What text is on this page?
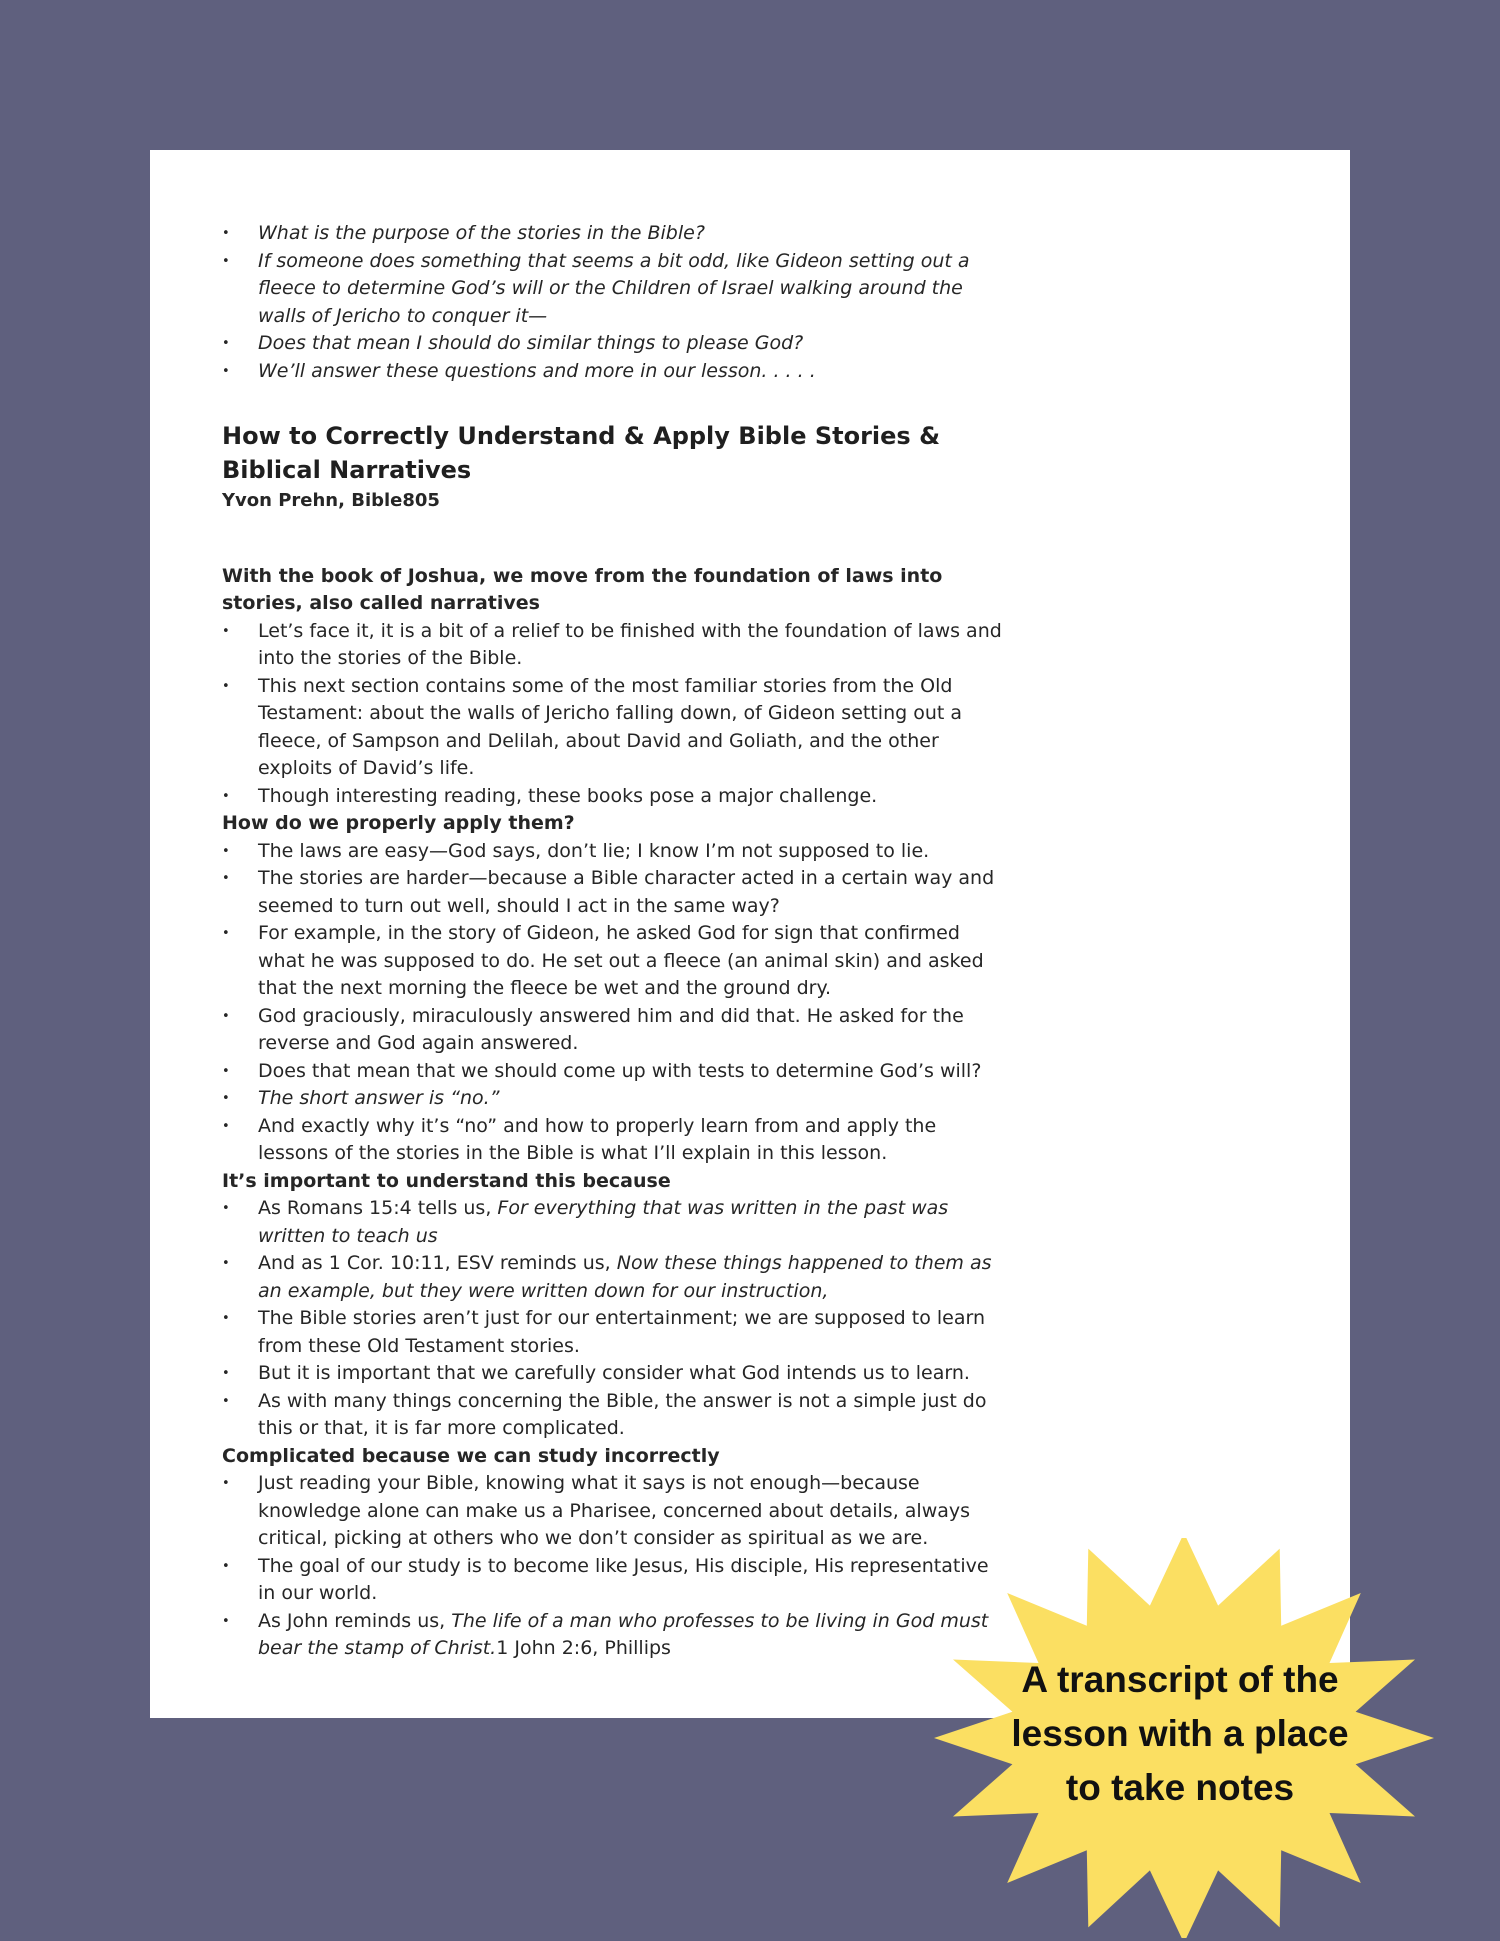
• What is the purpose of the stories in the Bible?
• If someone does something that seems a bit odd, like Gideon setting out a fleece to determine God’s will or the Children of Israel walking around the walls of Jericho to conquer it—
• Does that mean I should do similar things to please God?
• We’ll answer these questions and more in our lesson. . . . .
How to Correctly Understand & Apply Bible Stories & Biblical Narratives
Yvon Prehn, Bible805
With the book of Joshua, we move from the foundation of laws into stories, also called narratives
• Let’s face it, it is a bit of a relief to be finished with the foundation of laws and into the stories of the Bible.
• This next section contains some of the most familiar stories from the Old Testament: about the walls of Jericho falling down, of Gideon setting out a fleece, of Sampson and Delilah, about David and Goliath, and the other exploits of David’s life.
• Though interesting reading, these books pose a major challenge.
How do we properly apply them?
• The laws are easy—God says, don’t lie; I know I’m not supposed to lie.
• The stories are harder—because a Bible character acted in a certain way and seemed to turn out well, should I act in the same way?
• For example, in the story of Gideon, he asked God for sign that confirmed what he was supposed to do. He set out a fleece (an animal skin) and asked that the next morning the fleece be wet and the ground dry.
• God graciously, miraculously answered him and did that. He asked for the reverse and God again answered.
• Does that mean that we should come up with tests to determine God’s will?
• The short answer is “no.”
• And exactly why it’s “no” and how to properly learn from and apply the lessons of the stories in the Bible is what I’ll explain in this lesson.
It’s important to understand this because
• As Romans 15:4 tells us, For everything that was written in the past was written to teach us
• And as 1 Cor. 10:11, ESV reminds us, Now these things happened to them as an example, but they were written down for our instruction,
• The Bible stories aren’t just for our entertainment; we are supposed to learn from these Old Testament stories.
• But it is important that we carefully consider what God intends us to learn.
• As with many things concerning the Bible, the answer is not a simple just do this or that, it is far more complicated.
Complicated because we can study incorrectly
• Just reading your Bible, knowing what it says is not enough—because knowledge alone can make us a Pharisee, concerned about details, always critical, picking at others who we don’t consider as spiritual as we are.
• The goal of our study is to become like Jesus, His disciple, His representative in our world.
• As John reminds us, The life of a man who professes to be living in God must bear the stamp of Christ.1 John 2:6, Phillips
A transcript of the lesson with a place to take notes
